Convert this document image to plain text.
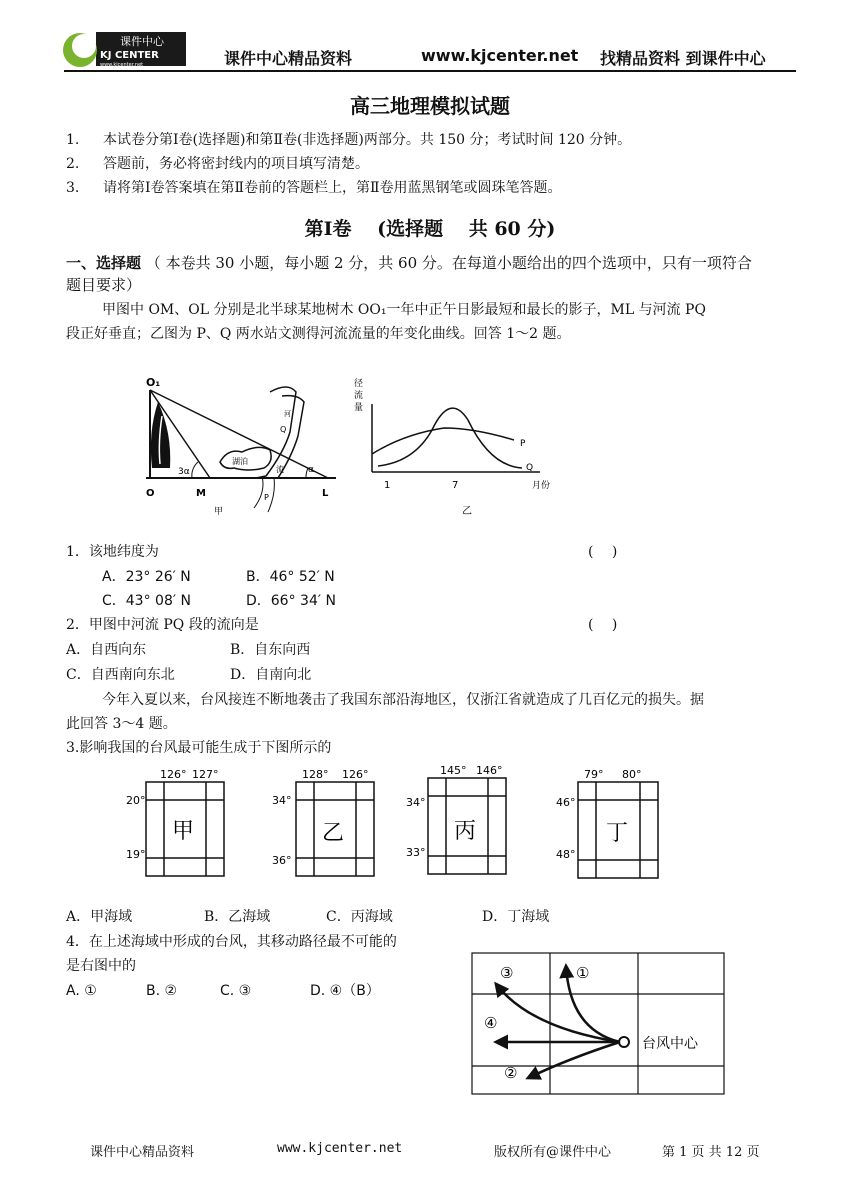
课件中心
KJ CENTER
www.kjcenter.net	课件中心精品资料	www.kjcenter.net 找精品资料 到课件中心
高三地理模拟试题
1. 本试卷分第Ⅰ卷(选择题)和第Ⅱ卷(非选择题)两部分。共 150 分；考试时间 120 分钟。
2. 答题前，务必将密封线内的项目填写清楚。
3. 请将第Ⅰ卷答案填在第Ⅱ卷前的答题栏上，第Ⅱ卷用蓝黑钢笔或圆珠笔答题。
第Ⅰ卷　 (选择题　 共 60 分)
一、选择题 （ 本卷共 30 小题，每小题 2 分，共 60 分。在每道小题给出的四个选项中，只有一项符合
题目要求）
甲图中 OM、OL 分别是北半球某地树木 OO₁一年中正午日影最短和最长的影子，ML 与河流 PQ
段正好垂直；乙图为 P、Q 两水站文测得河流流量的年变化曲线。回答 1～2 题。
O₁
O	M	L
3α	α
湖泊
河
Q
流
P
甲
径
流
量
1	7	月份
P
Q
乙
1．该地纬度为	(　 )
A．23° 26′ N	B．46° 52′ N
C．43° 08′ N	D．66° 34′ N
2．甲图中河流 PQ 段的流向是	(　 )
A．自西向东	B．自东向西
C．自西南向东北	D．自南向北
今年入夏以来，台风接连不断地袭击了我国东部沿海地区，仅浙江省就造成了几百亿元的损失。据
此回答 3～4 题。
3.影响我国的台风最可能生成于下图所示的
甲
126° 127°
20°
19°
乙
128° 126°
34°
36°
丙
145° 146°
34°
33°
丁
79° 80°
46°
48°
A．甲海域	B．乙海域	C．丙海域	D．丁海域
4．在上述海域中形成的台风，其移动路径最不可能的
是右图中的
A. ①	B. ②	C. ③	D. ④（B）
①
②
③
④
台风中心
课件中心精品资料	www.kjcenter.net	版权所有@课件中心	第 1 页 共 12 页
